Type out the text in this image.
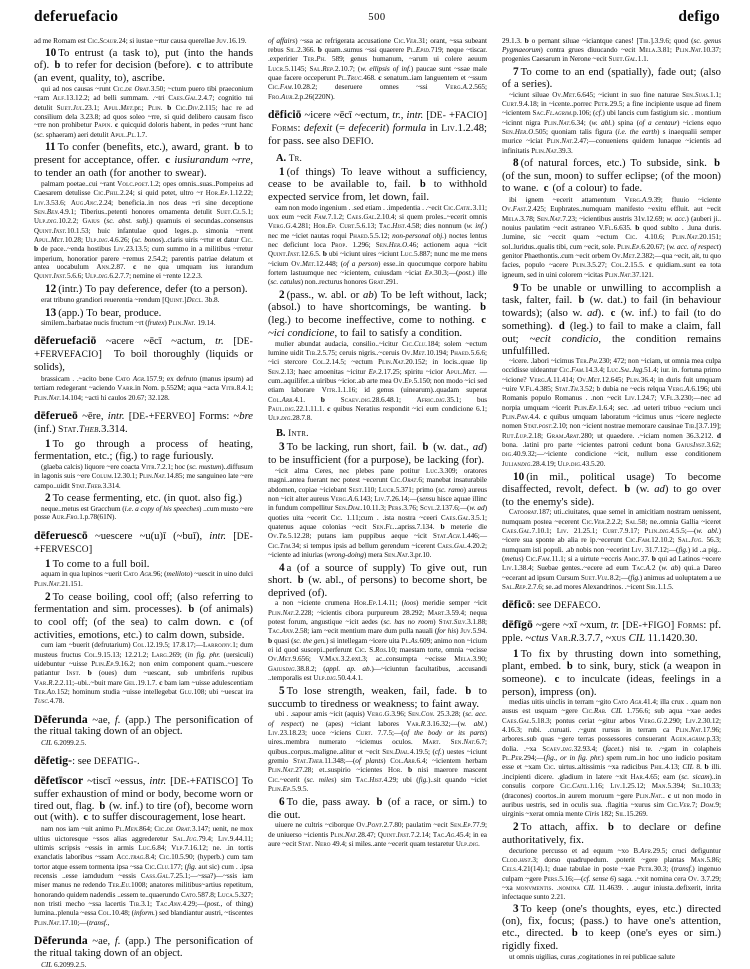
deferuefacio	500	defigo
ad me Romam est Cic.Scaur.24; si iustae ~rtur causa querellae Juv.16.19.
10 To entrust (a task to), put (into the hands of). b to refer for decision (before). c to attribute (an event, quality, to), ascribe.
qui ad nos causas ~runt Cic.de Orat.3.50; ~ctum puero tibi praeconium ~ram Alf.13.12.2; ad belli summam. .~tri Caes.Gal.2.4.7; cognitio tui detulit Suet.Jul.23.1; Apul.Met.pr.; Plin. b Cic.Div.2.115; hac re ad consilium dela 3.23.8; ad quos soleo ~rre, si quid delibero causam fisco ~rre non prohibetur Papin. c quicquid doloris habent, in pedes ~runt hanc (sc. sphaeram) aeri detulit Apul.Pl.1.7.
11 To confer (benefits, etc.), award, grant. b to present for acceptance, offer. c iusiurandum ~rre, to tender an oath (for another to swear).
palmam poetae..cui ~rant Volc.poet.1.2; opes omnis..suas..Pompeius ad Caesarem detulisse Cic.Phil.2.24; si quid petet, ultro ~r Hor.Ep.1.12.22; Liv.3.53.6; Aug.Anc.2.24; beneficia..in nos deas ~ri sine deceptione Sen.Ben.4.9.1; Tiberius..petenti honores ornamenta detulit Suet.Cl.5.1; Ulp.dig.10.2.2; Gaius (sc. abst. subj.) quamuis ei secundas..consensus Quint.Inst.10.1.53; huic infantulae quod leges..p. simonia ~rrent Apul.Met.10.28; Ulp.dig.4.6.26; (sc. bonos)..claris uiris ~rtur et datur Cic. b de pace..~enda hostibus Liv.23.13.5; cum summo in a militibus ~rretur imperium, honoratior parere ~remus 2.54.2; parentis patriae delatum et antea uocabulum Ann.2.87. c ne qua umquam ius iurandum Quint.Inst.5.6.6; Ulp.dig.6.2.7.7; nemine ei ~rente 12.2.3.
12 (intr.) To pay deference, defer (to a person).
erat tribuno grandiori reuerentia ~rendum [Quint.]Decl. 3b.8.
13 (app.) To bear, produce.
similem..barbatae nucis fructum ~rt (frutex) Plin.Nat. 19.14.
dēferuefaciō ~acere ~ēcī ~actum, tr. [DE- +FERVEFACIO]  To boil thoroughly (liquids or solids),
brassicam . .~acito bene Cato Agr.157.9; ex defruto (manus ipsum) ad tertiam redegerant ~aciendo Varr.in Nom. p.552M; aqua ~acta Vitr.8.4.1; Plin.Nat.14.104; ~acti hi caulos 20.67; 32.128.
dēferueō ~ēre, intr. [DE-+FERVEO] Forms: ~bre (inf.) Stat.Theb.3.314.
1 To go through a process of heating, fermentation, etc.; (fig.) to rage furiously.
(glaeba calcis) liquore ~ere coacta Vitr.7.2.1; hoc (sc. mustum)..diffusum in lagonis suis ~ere Colum.12.30.1; Plin.Nat.14.85; me sanguineo late ~ere campo..uidit Stat.Theb.3.314.
2 To cease fermenting, etc. (in quot. also fig.)
neque..metus est Gracchum (i.e. a copy of his speeches) ..cum musto ~ere posse Aur.Fro.1.p.78(61N).
dēferuescō ~uescere ~u(u)ī (~buī), intr. [DE-+FERVESCO]
1 To come to a full boil.
aquam in qua lupinos ~uerit Cato Agr.96; (meliloto) ~uescit in uino dulci Plin.Nat.21.151.
2 To cease boiling, cool off; (also referring to fermentation and sim. processes). b (of animals) to cool off; (of the sea) to calm down. c (of activities, emotions, etc.) to calm down, subside.
cum iam ~buerit (defrutarium) Col.12.19.5; 17.8.17;—Larroinv.1; dum musteus fructus Col.9.15.13; 12.21.2; Larg.269; (in fig. phr. (uersiculi) uidebuntur ~uisse Plin.Ep.9.16.2; non enim component quam..~uescere patiantur Inst. b (oues) dum ~uescant, sub umbriferis rupibus Var.R.2.2.11;–ubi..~buit mare Gel.19.1.7. c bam iam ~uisse adulescentiam Ter.Ad.152; hominum studia ~uisse intellegebat Glu.108; ubi ~uescat ira Tusc.4.78.
Dēferunda ~ae, f. (app.) The personification of the ritual taking down of an object.
CIL 6.2099.2.5.
dēfetig-: see DEFATIG-.
dēfetīscor ~tiscī ~essus, intr. [DE-+FATISCO] To suffer exhaustion of mind or body, become worn or tired out, flag. b (w. inf.) to tire (of), become worn out (with). c to suffer discouragement, lose heart.
nam nos iam ~uit animo Pl.Men.864; Cic.de Orat.3.147; uenit, ne mox ultius uictoresque ~ssos alias aggrederetur Sal.Jug.79.4; Liv.9.44.11; ultimis scripsis ~essis in armis Luc.6.84; Vlp.7.16.12; ne. .in tortis exanclatis laboribus ~ssam Acc.trag.8.4; Cic.10.5.90; (hyperb.) cum tam tortor atque essem tormenta ipsa ~ssa Cic.Clu.177; (fig. aut sic) cum . .ipsa recensis ..esse iamdudum ~essis Cass.Gal.7.25.1;—~ssa?)—~ssis iam miser manus ne redendo Ter.Eu.1008; anatores militibus~artius repetitum, honorando quidem nadendis ..essem te..quaerundo Cato.587.8; Luca.5.327; non tristi mecho ~ssa lacertis Tib.3.1; Tac.Ann.4.29;—(post., of thing) lumina..plenula ~essa Col.10.48; (inform.) sed blandiantur austri, ~tiscentes Plin.Nat.17.10;—(transf.,
Dēferunda ~ae, f. (app.) The personification of the ritual taking down of an object.
CIL 6.2099.2.5.
of affairs) ~ssa ac refrigerata accusatione Cic.Ver.31; orant, ~ssa subeant rebus Sil.2.366. b quam..sumus ~ssi quaerere Pl.Epid.719; neque ~tiscar. .experirier Ter.Ph. 589; genus humanum, ~arum ui colere aeuum Lucr.5.1145; Sal.Rep.2.10.7; (w. ellipsis of inf.) paucae sunt ~ssae male quae facere occeperunt Pl.Truc.468. c senatum..iam languentem et ~ssum Cic.Fam.10.28.2; deseruere omnes ~ssi Verg.A.2.565; Fro.Aur.2.p.26(220N).
dēficiō ~icere ~ēcī ~ectum, tr., intr. [DE- +FACIO]  Forms: defexit (= defecerit) formula in Liv.1.2.48; for pass. see also DEFIO.
A. Tr.
1 (of things) To leave without a sufficiency, cease to be available to, fail. b to withhold expected service from, let down, fail.
eam non modo ingenium . .sed etiam . .impedentia . .~ecit Cic.Catil.3.11; uox eum ~ecit Fam.7.1.2; Caes.Gal.2.10.4; si quem proles..~ecerit omnis Verg.G.4.281; Hor.Ep. Curt.5.6.13; Tac.Hist.4.58; dies nonnum (w. inf.) nec me ~iciet nautas roqui Phaed.5.5.12; non-personal obj.) noctes lentus nec deficiunt loca Prop. 1.296; Sen.Her.O.46; actionem aqua ~icit Quint.Inst.12.6.5. b ubi ~iciunt uires ~iciunt Luc.5.887; nunc me me mens ~icium Ov.Met.12.448; (of a person) esse..in quocumque corpore habitu fortem lastuumque nec ~icientem, cuiusdam ~iciat Ep.30.3;—(post.) ille (sc. catulus) non..recturus honores Grat.291.
2 (pass., w. abl. or ab) To be left without, lack; (absol.) to have shortcomings, be wanting. b (leg.) to become ineffective, come to nothing. c ~ici condicione, to fail to satisfy a condition.
mulier abundat audacia, consilio..~icitur Cic.Clu.184; solem ~ectum lumine uidit Tib.2.5.75; ceruis nigris..~ceruis Ov.Met.10.194; Phaed.5.6.6; ~ici stercore Col.2.14.5; ~ectum Plin.Nat.20.152; in locis..quae lip Sen.2.13; haec amoenitas ~icitur Ep.2.17.25; spiritu ~icior Apul.Met. —cum..aquilifer..a uiribus ~icior..ab arte mea Ov.Ep.5.150; non modo ~ici sed etiam laborare Vitr.1.1.16; id genus (uinearum)..quadam superat Col.Arb.4.1. b Scaev.dig.28.6.48.1; Afric.dig.35.1; bus Paul.dig.22.1.11.1. c quibus Neratius respondit ~ici eum condicione 6.1; Ulp.dig.28.7.8.
B. Intr.
3 To be lacking, run short, fail. b (w. dat., ad) to be insufficient (for a purpose), be lacking (for).
~icit alma Ceres, nec plebes pane potitur Luc.3.309; oratores magni..antea fuerant nec potest ~ecerunt Cic.Orat.6; manebat insaturabile abdomen, copiae ~iciebant Sest.110; Lucr.5.371; primo (sc. ramo) aureus non ~icit alter aureus Verg.A.6.143; Liv.7.26.14;—(sensu hisce aquae illinc in fundum compellitur Sen.Dial.10.11.3; Pers.3.76; Scyl.2.137.6;—(w. ad) quoties uita ~ecerit Cic. 1.11;cum . .ista nostra ~ceeri Caes.Gal.3.5.1; quatenus aquae colonias ~ecit Sen.Fl...apriss.7.134. b meterie die Ov.Tr.5.12.28; putans iam puppibus aeque ~icit Stat.Ach.1.446;—Cic.Tim.34; si tempus ipsis ad bellum gerendum ~icerent Caes.Gal.4.20.2; ~iciente ad iniurias (wrong-doing) mera Sen.Nat.3.pr.10.
4 a (of a source of supply) To give out, run short. b (w. abl., of persons) to become short, be deprived (of).
a non ~iciente crumena Hor.Ep.1.4.11; (loos) meridie semper ~icit Plin.Nat.2.228; ~icientis cibora purpureum 28.292; Mart.3.59.4; nequa potest forum, angustique ~icit aedes (sc. has no room) Stat.Silv.3.1.88; Tac.Ann.2.58; iam ~ecit mentium mare dum pulla nauali (for his) Juv.5.94. b quasi (sc. the gen.) si intellegam ~icere uita Pl.As.609; animo non ~icium ei id quod suscepi..perferunt Cic. S.Ros.10; maestam torte, omnia ~ecisse Ov.Met.9.656; V.Max.3.2.ext.3; ac..consumpta ~ecisse Mela.3.90; Gaiusdig.38.8.2; (appl. ap. ab.)—~iciuntun facultatibus, .accusandi ..temporalis est Ulp.dig.50.4.4.1.
5 To lose strength, weaken, fail, fade. b to succumb to tiredness or weakness; to faint away.
ubi . .sapour amis ~icit (aquis) Verg.G.3.96; Sen.Con. 25.3.28; (sc. acc. of respect) ne (apes) ~iciant labores Var.R.3.16.32;—(w. abl.) Liv.23.18.23; uoce ~iciens Curt. 7.7.5;—(of the body or its parts) uires..membra numerato ~iciemus oculos. Mart. Sen.Nat.6.7; quibus..corpus..maligne..alitur et ~ecit Sen.Dial.4.19.5; (cf.) uestes ~iciunt gremio Stat.Theb.11.348;—(of plants) Col.Arb.6.4; ~icientem herbam Plin.Nat.27.28; et..suspirio ~icientes Hor. b nisi maerore mascent Cic.~ecerit (sc. miles) sim Tac.Hist.4.29; ubi (fig.)..sit quando ~iciet Plin.Ep.5.9.5.
6 To die, pass away. b (of a race, or sim.) to die out.
uiuere ne cultris ~ciborque Ov.Pont.2.7.80; paulatim ~ecit Sen.Ep.77.9; de uniuerso ~icientis Plin.Nat.28.47; Quint.Inst.7.2.14; Tac.Ag.45.4; in ea aure ~ecit Stat. Nero 49.4; si miles..ante ~ecerit quam testaretur Ulp.dig.
29.1.3. b o pernant siluae ~iciantque canes! [Tib.].3.9.6; quod (sc. genus Pygmaeorum) contra grues diuucando ~ecit Mela.3.81; Plin.Nat.10.37; progenies Caesarum in Nerone ~ecit Suet.Gal.1.1.
7 To come to an end (spatially), fade out; (also of a series).
~iciunt siluae Ov.Met.6.645; ~iciunt in suo fine naturae Sen.Suas.1.1; Curt.9.4.18; in ~icente..porrec Petr.29.5; a fine incipiente usque ad finem ~icientem Sac.Fl.agrim.p.106; (cf.) ubi lancis cum fastigium sic. . montium ~icinnt nigra Plin.Nat.6.34; (w. abl.) spina (of a centaur) ~iciens equo Sen.Her.O.505; quoniam talis figura (i.e. the earth) s inaequalii semper murice ~iciat Plin.Nat.2.47;—conueniens quidem lunaque ~icientis ad infinitatis Plin.Nat.39.3.
8 (of natural forces, etc.) To subside, sink. b (of the sun, moon) to suffer eclipse; (of the moon) to wane. c (of a colour) to fade.
ibi ignem ~ecerit attamentum Verg.A.9.39; fluuio ~iciente Ov.Fast.2.425; Euphrates..numquam manifesto ~exitu effluit. aut ~ecit Mela.3.78; Sen.Nat.7.23; ~icientibus austris 31v.12.69; w. acc.) (auberi ji.. nouius paulatim ~ecit astraneo V.Fl.6.635. b quod sublto . .luna duris. .lumine, sic ~eccit quam ~ectum Cic. 4.10.6; Plin.Nat.20.151; sol..luridus..qualis tibi, cum ~ecit, sole. Plin.Ep.6.20.67; (w. acc. of respect) genitor Phaethontis..cum ~ecit orbem Ov.Met.2.382;—qua ~ecit, ait, tu quo facies, populo ~acere Plin.3.5.27; Col.2.15.5. c quidiam..sunt ea tota igneum, sed in uini colorem ~icitas Plin.Nat.37.121.
9 To be unable or unwilling to accomplish a task, falter, fail. b (w. dat.) to fail (in behaviour towards); (also w. ad). c (w. inf.) to fail (to do something). d (leg.) to fail to make a claim, fall out; ~ecit condicio, the condition remains unfulfilled.
~icere. .labori ~icimus Ter.Ph.230; 472; non ~iciam, ut omnia mea culpa occidisse uideantur Cic.Fam.14.3.4; Luc.Sal.Jug.51.4; iur. in. fortuna primo ~icione? Verg.A.11.414; Ov.Met.12.645; Plin.36.4; in duris fuit umquam ~uire V.Fl.4.385; Stat.Th.3.52; b dubia ne ~ecis relqua Verg.A.6.196; ubi Romanis populo Romanus . .non ~ecit Liv.1.24.7; V.Fl.3.230;—nec ad norpia umquam ~icerit Plin.Ep.1.6.4; sec. .ad ueteri tribuo ~ecium unci Plin.Pan.4.4. c quibus umquam laboratum ~icimus unus ~icere neglecte nomen Stat.post.2.10; non ~icient nostrae memorare causinae Tib.[3.7.19]; Rut.Lup.2.18; Gram.Arat.280; ut quaedere. .~iciam nomen 36.3.212. d bona. .latini pro parte ~icientes patroni cedunt bona GaiusInst.3.62; dig.40.9.32;—~iciente condicione ~icit, nullum esse conditionem Juliandig.28.4.19; Ulp.dig.43.5.20.
10 (in mil., political usage) To become disaffected, revolt, defect. b (w. ad) to go over (to the enemy's side).
Catoorat.187; uti..ciuitates, quae semel in amicitiam nostram uenissent, numquam postea ~ecerent Cic.Ver.2.2.2; Sal.58; ne..omnia Gallia ~iceret Caes.Gal.7.10.1; Liv. 21.25.1; Curt.7.9.17; Plin.dig.4.5.5;—(w. abl.) ~icere sua sponte ab alia re ip.~ecerunt Cic.Fam.12.10.2; Sal.Jug. 56.3; numquam isti populi. .ab nobis non ~ecerint Liv. 31.7.12;—(fig.) id ..a pig..(metus) Cic.Fam.11.1; si a uirtute ~eccris Amic.37. b qui ad Latinos ~ecere Liv.1.38.4; Suebae gentes..~ecere ad eum Tac.A.2 (w. ab) qui..a Dareo ~ecerant ad ipsum Cursum Suet.Vul.8.2;—(fig.) animus ad uoluptatem a ue Sal.Rep.2.7.6; se..ad mores Alexandrinos. .~icent Sir.1.1.5.
dēficō: see DEFAECO.
dēfīgō ~gere ~xī ~xum, tr. [DE-+FIGO] Forms: pf. pple. ~ctus Var.R.3.7.7, ~xus CIL 11.1420.30.
1 To fix by thrusting down into something, plant, embed. b to sink, bury, stick (a weapon in someone). c to inculcate (ideas, feelings in a person), impress (on).
medias uitis uinclis in terram ~gito Cato Agr.41.4; illa crux . .quam non ausus est usquam ~gere Cic.Rab. CIL 1.756.6; sub aqua ~xae aedes Caes.Gal.5.18.3; pontus ceriat ~gitur arbos Verg.G.2.290; Liv.2.30.12; 4.16.3; rubi. .curuati. .~gunt rursus in terram ca Plin.Nat.17.96; arbores..sub quas ~gere terras possessores consuerant Agen.agrim.p.33; dolia. .~xa Scaev.dig.32.93.4; (facet.) nisi te. .~gam in colapheis Pl.Per.294;—(fig., or in fig. phr.) spem rum..in hoc uno iudicio positam esse et ~xam Cic. uirtus..altissimis ~xa radicibus Phil.4.13; CIL 8. b illi. .incipienti dicere. .gladium in latere ~xit Har.4.65; eam (sc. sicam)..in consulis corpore Cic.Catil.1.16; Liv.1.25.12; Man.5.394; Sil.10.33; (dracones) coortos..in aurem moruum ~gere Plin.Nat.. c ut non modo in auribus uestris, sed in oculis sua. .flagitia ~xurus sim Cic.Ver.7; Dom.9; uirginis ~xerat omnia mente Ciris 182; Sil.15.269.
2 To attach, affix. b to declare or define authoritatively, fix.
decurione percusso et ad equum ~xo B.Afr.29.5; cruci defiguntur Clod.hist.3; dorso quadrupedum. .poterit ~gere plantas Man.5.86; Cels.4.21(14).1; duae tabulae in poste ~xae Petr.30.3; (transf.) ingenuo culpam ~gere Pers.5.16;—(cf. sense 6) saga. .~xit nomina cera Ov. 3.7.29; ~xa monvmentis. .nomina CIL 11.4639. . .augur iniusta..defixerit, inrita infectaque sunto 2.21.
3 To keep (one's thoughts, eyes, etc.) directed (on), fix, focus; (pass.) to have one's attention, etc., directed. b to keep (one's eyes or sim.) rigidly fixed.
ut omnis uigilias, curas ,cogitationes in rei publicae salute
